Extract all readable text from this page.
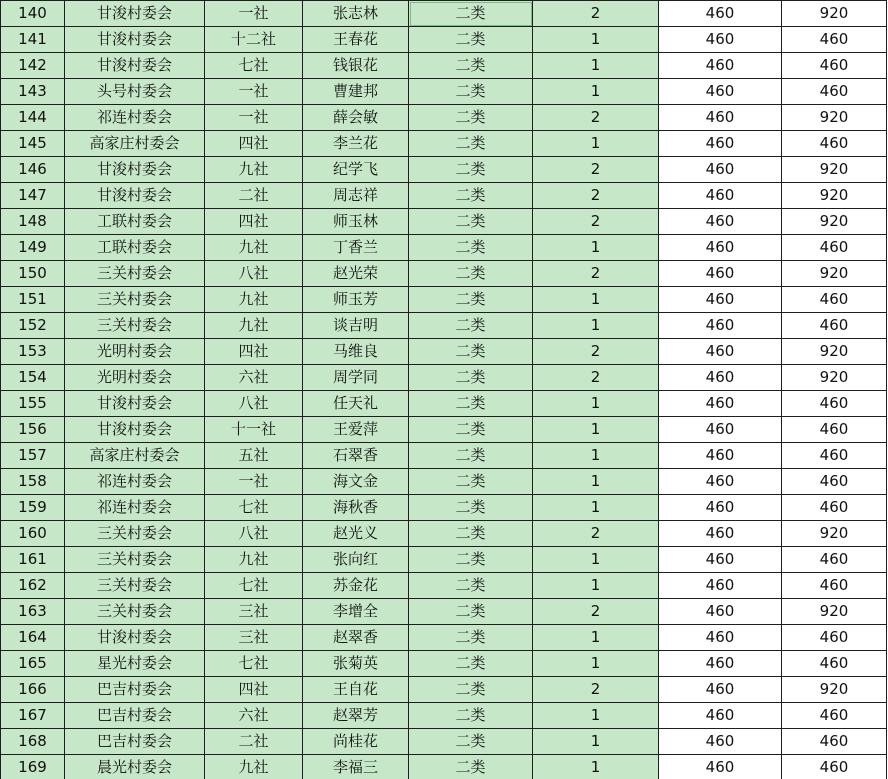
140	甘浚村委会	一社	张志林	二类	2	460	920
141	甘浚村委会	十二社	王春花	二类	1	460	460
142	甘浚村委会	七社	钱银花	二类	1	460	460
143	头号村委会	一社	曹建邦	二类	1	460	460
144	祁连村委会	一社	薛会敏	二类	2	460	920
145	高家庄村委会	四社	李兰花	二类	1	460	460
146	甘浚村委会	九社	纪学飞	二类	2	460	920
147	甘浚村委会	二社	周志祥	二类	2	460	920
148	工联村委会	四社	师玉林	二类	2	460	920
149	工联村委会	九社	丁香兰	二类	1	460	460
150	三关村委会	八社	赵光荣	二类	2	460	920
151	三关村委会	九社	师玉芳	二类	1	460	460
152	三关村委会	九社	谈吉明	二类	1	460	460
153	光明村委会	四社	马维良	二类	2	460	920
154	光明村委会	六社	周学同	二类	2	460	920
155	甘浚村委会	八社	任天礼	二类	1	460	460
156	甘浚村委会	十一社	王爱萍	二类	1	460	460
157	高家庄村委会	五社	石翠香	二类	1	460	460
158	祁连村委会	一社	海文金	二类	1	460	460
159	祁连村委会	七社	海秋香	二类	1	460	460
160	三关村委会	八社	赵光义	二类	2	460	920
161	三关村委会	九社	张向红	二类	1	460	460
162	三关村委会	七社	苏金花	二类	1	460	460
163	三关村委会	三社	李增全	二类	2	460	920
164	甘浚村委会	三社	赵翠香	二类	1	460	460
165	星光村委会	七社	张菊英	二类	1	460	460
166	巴吉村委会	四社	王自花	二类	2	460	920
167	巴吉村委会	六社	赵翠芳	二类	1	460	460
168	巴吉村委会	二社	尚桂花	二类	1	460	460
169	晨光村委会	九社	李福三	二类	1	460	460
